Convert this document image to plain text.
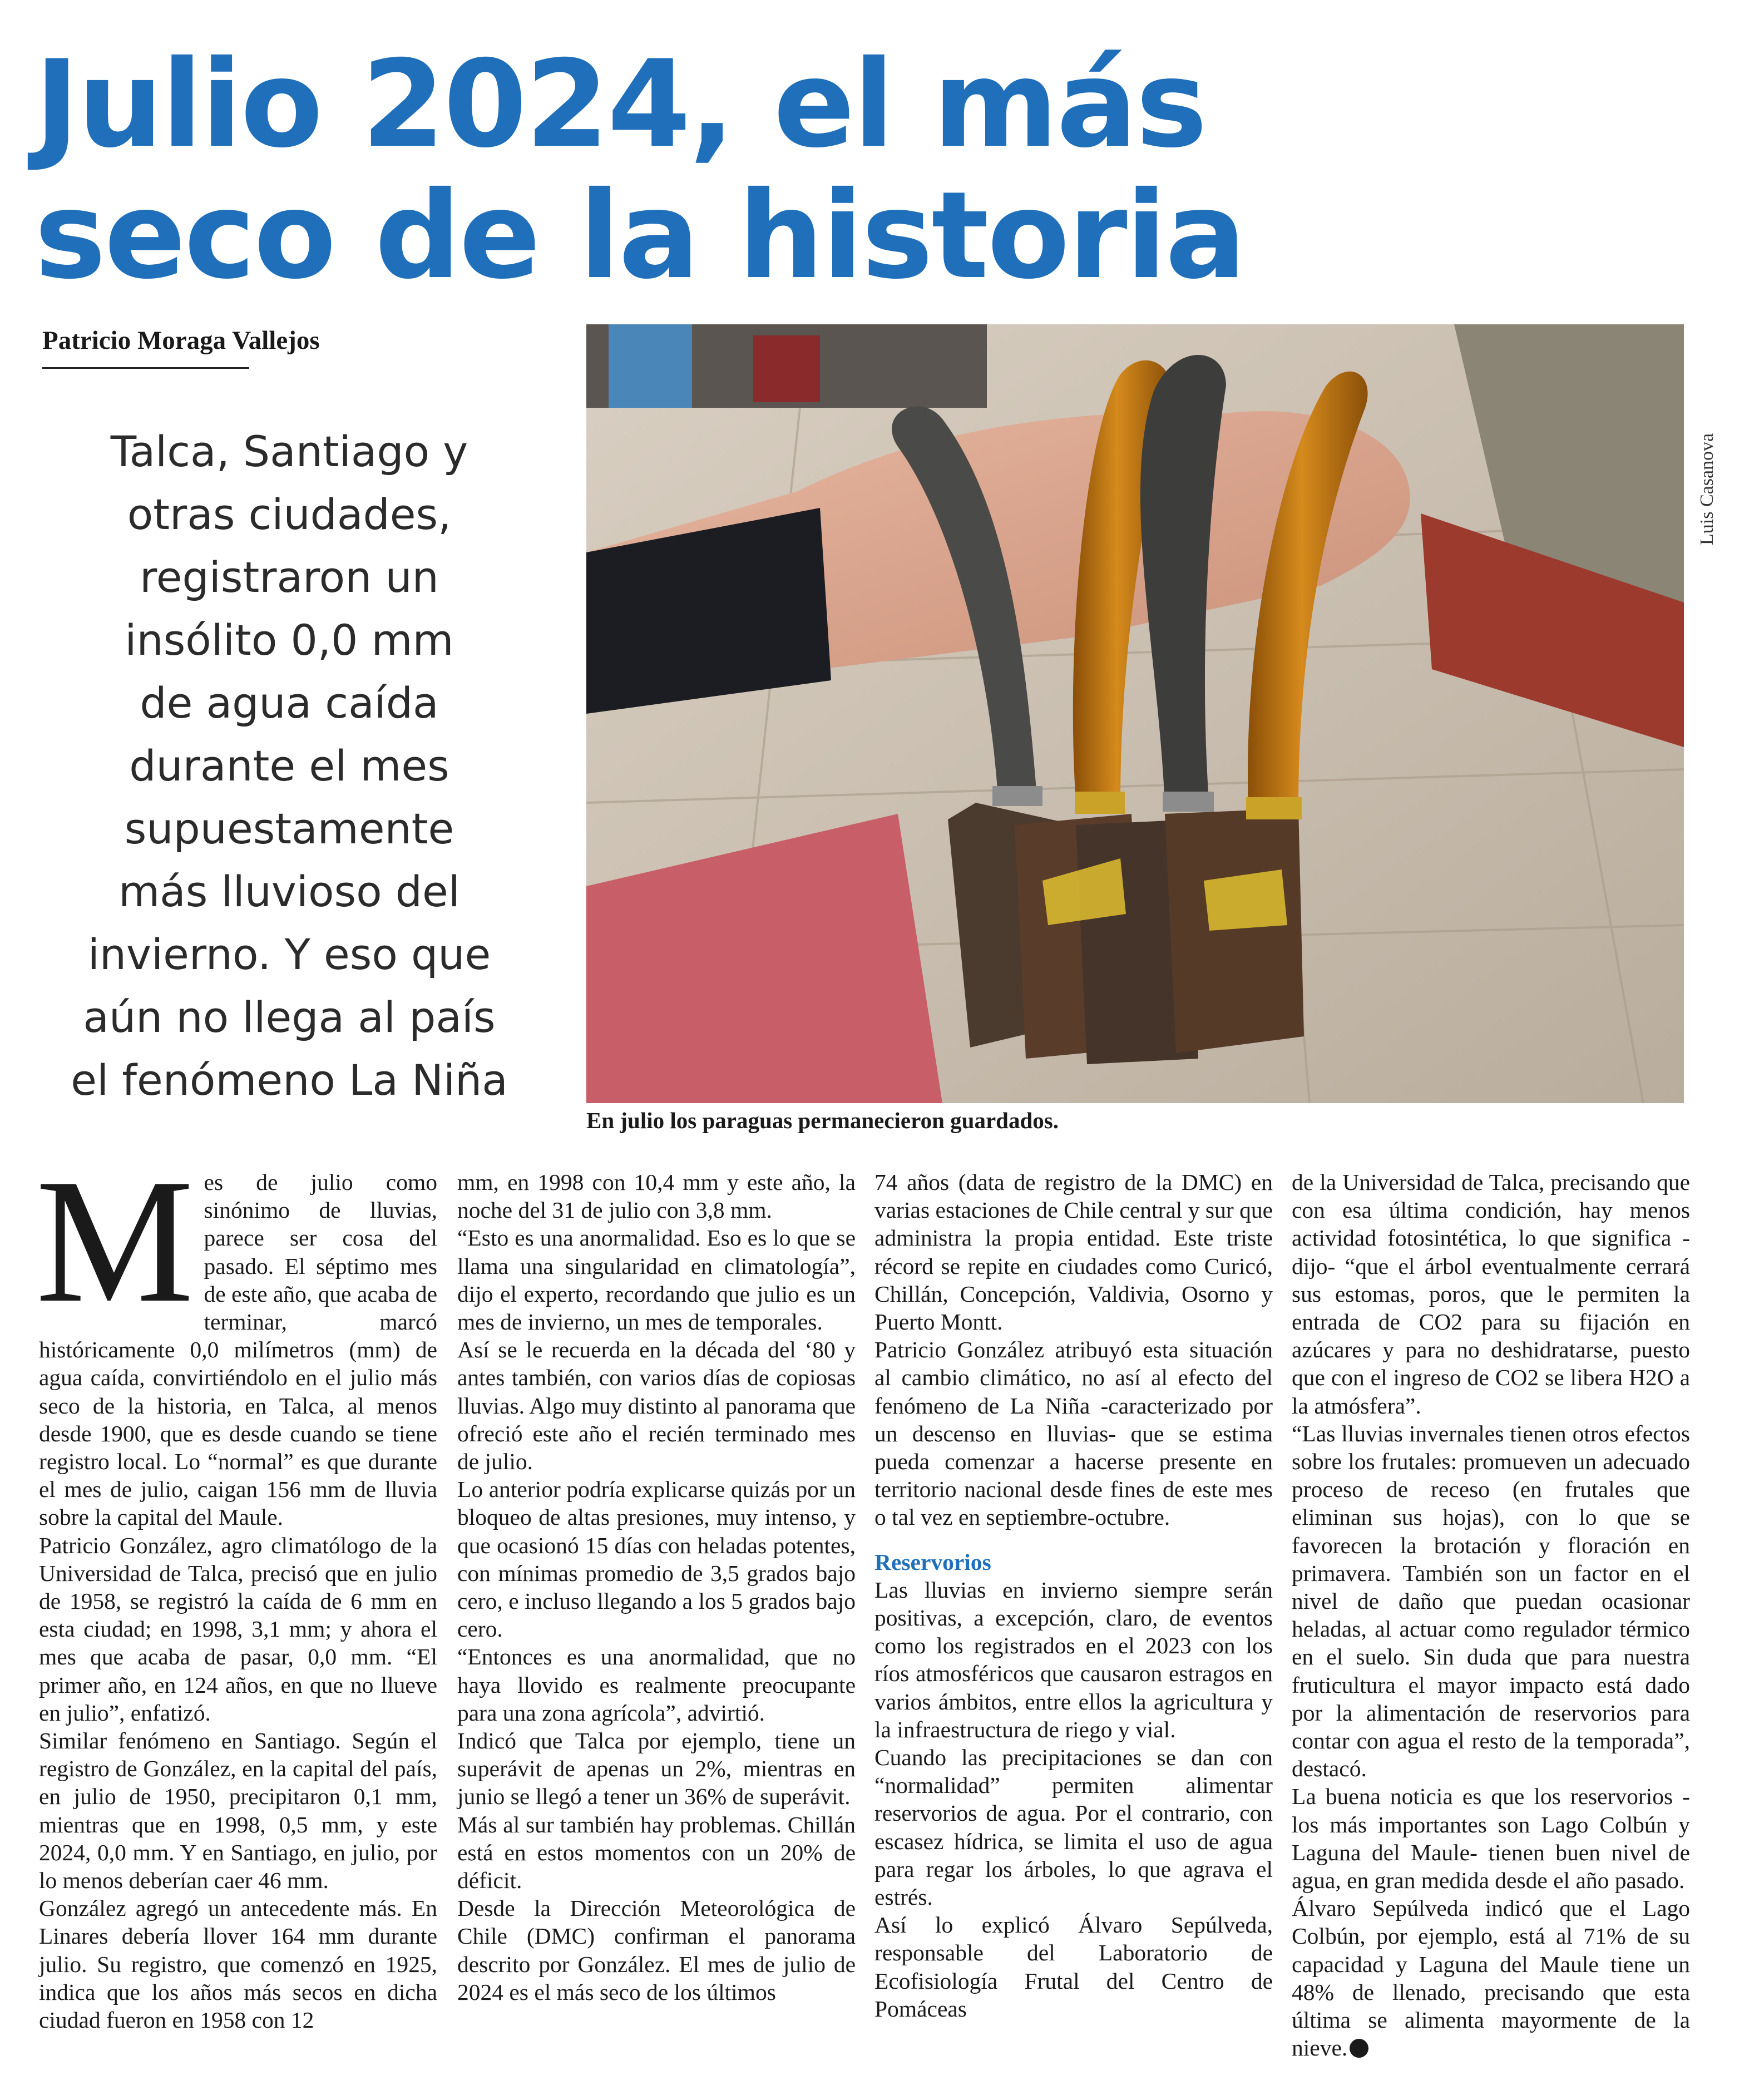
Julio 2024, el más
seco de la historia
Patricio Moraga Vallejos
Talca, Santiago y
otras ciudades,
registraron un
insólito 0,0 mm
de agua caída
durante el mes
supuestamente
más lluvioso del
invierno. Y eso que
aún no llega al país
el fenómeno La Niña
Luis Casanova
En julio los paraguas permanecieron guardados.
M es de julio como sinónimo de lluvias, parece ser cosa del pasado. El séptimo mes de este año, que acaba de terminar, marcó históricamente 0,0 milímetros (mm) de agua caída, convirtiéndolo en el julio más seco de la historia, en Talca, al menos desde 1900, que es desde cuando se tiene registro local. Lo “normal” es que durante el mes de julio, caigan 156 mm de lluvia sobre la capital del Maule.

Patricio González, agro climatólogo de la Universidad de Talca, precisó que en julio de 1958, se registró la caída de 6 mm en esta ciudad; en 1998, 3,1 mm; y ahora el mes que acaba de pasar, 0,0 mm. “El primer año, en 124 años, en que no llueve en julio”, enfatizó.

Similar fenómeno en Santiago. Según el registro de González, en la capital del país, en julio de 1950, precipitaron 0,1 mm, mientras que en 1998, 0,5 mm, y este 2024, 0,0 mm. Y en Santiago, en julio, por lo menos deberían caer 46 mm.

González agregó un antecedente más. En Linares debería llover 164 mm durante julio. Su registro, que comenzó en 1925, indica que los años más secos en dicha ciudad fueron en 1958 con 12

mm, en 1998 con 10,4 mm y este año, la noche del 31 de julio con 3,8 mm.

“Esto es una anormalidad. Eso es lo que se llama una singularidad en climatología”, dijo el experto, recordando que julio es un mes de invierno, un mes de temporales.

Así se le recuerda en la década del ‘80 y antes también, con varios días de copiosas lluvias. Algo muy distinto al panorama que ofreció este año el recién terminado mes de julio.

Lo anterior podría explicarse quizás por un bloqueo de altas presiones, muy intenso, y que ocasionó 15 días con heladas potentes, con mínimas promedio de 3,5 grados bajo cero, e incluso llegando a los 5 grados bajo cero.

“Entonces es una anormalidad, que no haya llovido es realmente preocupante para una zona agrícola”, advirtió.

Indicó que Talca por ejemplo, tiene un superávit de apenas un 2%, mientras en junio se llegó a tener un 36% de superávit.

Más al sur también hay problemas. Chillán está en estos momentos con un 20% de déficit.

Desde la Dirección Meteorológica de Chile (DMC) confirman el panorama descrito por González. El mes de julio de 2024 es el más seco de los últimos

74 años (data de registro de la DMC) en varias estaciones de Chile central y sur que administra la propia entidad. Este triste récord se repite en ciudades como Curicó, Chillán, Concepción, Valdivia, Osorno y Puerto Montt.

Patricio González atribuyó esta situación al cambio climático, no así al efecto del fenómeno de La Niña -caracterizado por un descenso en lluvias- que se estima pueda comenzar a hacerse presente en territorio nacional desde fines de este mes o tal vez en septiembre-octubre.

Reservorios

Las lluvias en invierno siempre serán positivas, a excepción, claro, de eventos como los registrados en el 2023 con los ríos atmosféricos que causaron estragos en varios ámbitos, entre ellos la agricultura y la infraestructura de riego y vial.

Cuando las precipitaciones se dan con “normalidad” permiten alimentar reservorios de agua. Por el contrario, con escasez hídrica, se limita el uso de agua para regar los árboles, lo que agrava el estrés.

Así lo explicó Álvaro Sepúlveda, responsable del Laboratorio de Ecofisiología Frutal del Centro de Pomáceas

de la Universidad de Talca, precisando que con esa última condición, hay menos actividad fotosintética, lo que significa -dijo- “que el árbol eventualmente cerrará sus estomas, poros, que le permiten la entrada de CO2 para su fijación en azúcares y para no deshidratarse, puesto que con el ingreso de CO2 se libera H2O a la atmósfera”.

“Las lluvias invernales tienen otros efectos sobre los frutales: promueven un adecuado proceso de receso (en frutales que eliminan sus hojas), con lo que se favorecen la brotación y floración en primavera. También son un factor en el nivel de daño que puedan ocasionar heladas, al actuar como regulador térmico en el suelo. Sin duda que para nuestra fruticultura el mayor impacto está dado por la alimentación de reservorios para contar con agua el resto de la temporada”, destacó.

La buena noticia es que los reservorios -los más importantes son Lago Colbún y Laguna del Maule- tienen buen nivel de agua, en gran medida desde el año pasado.

Álvaro Sepúlveda indicó que el Lago Colbún, por ejemplo, está al 71% de su capacidad y Laguna del Maule tiene un 48% de llenado, precisando que esta última se alimenta mayormente de la nieve.
